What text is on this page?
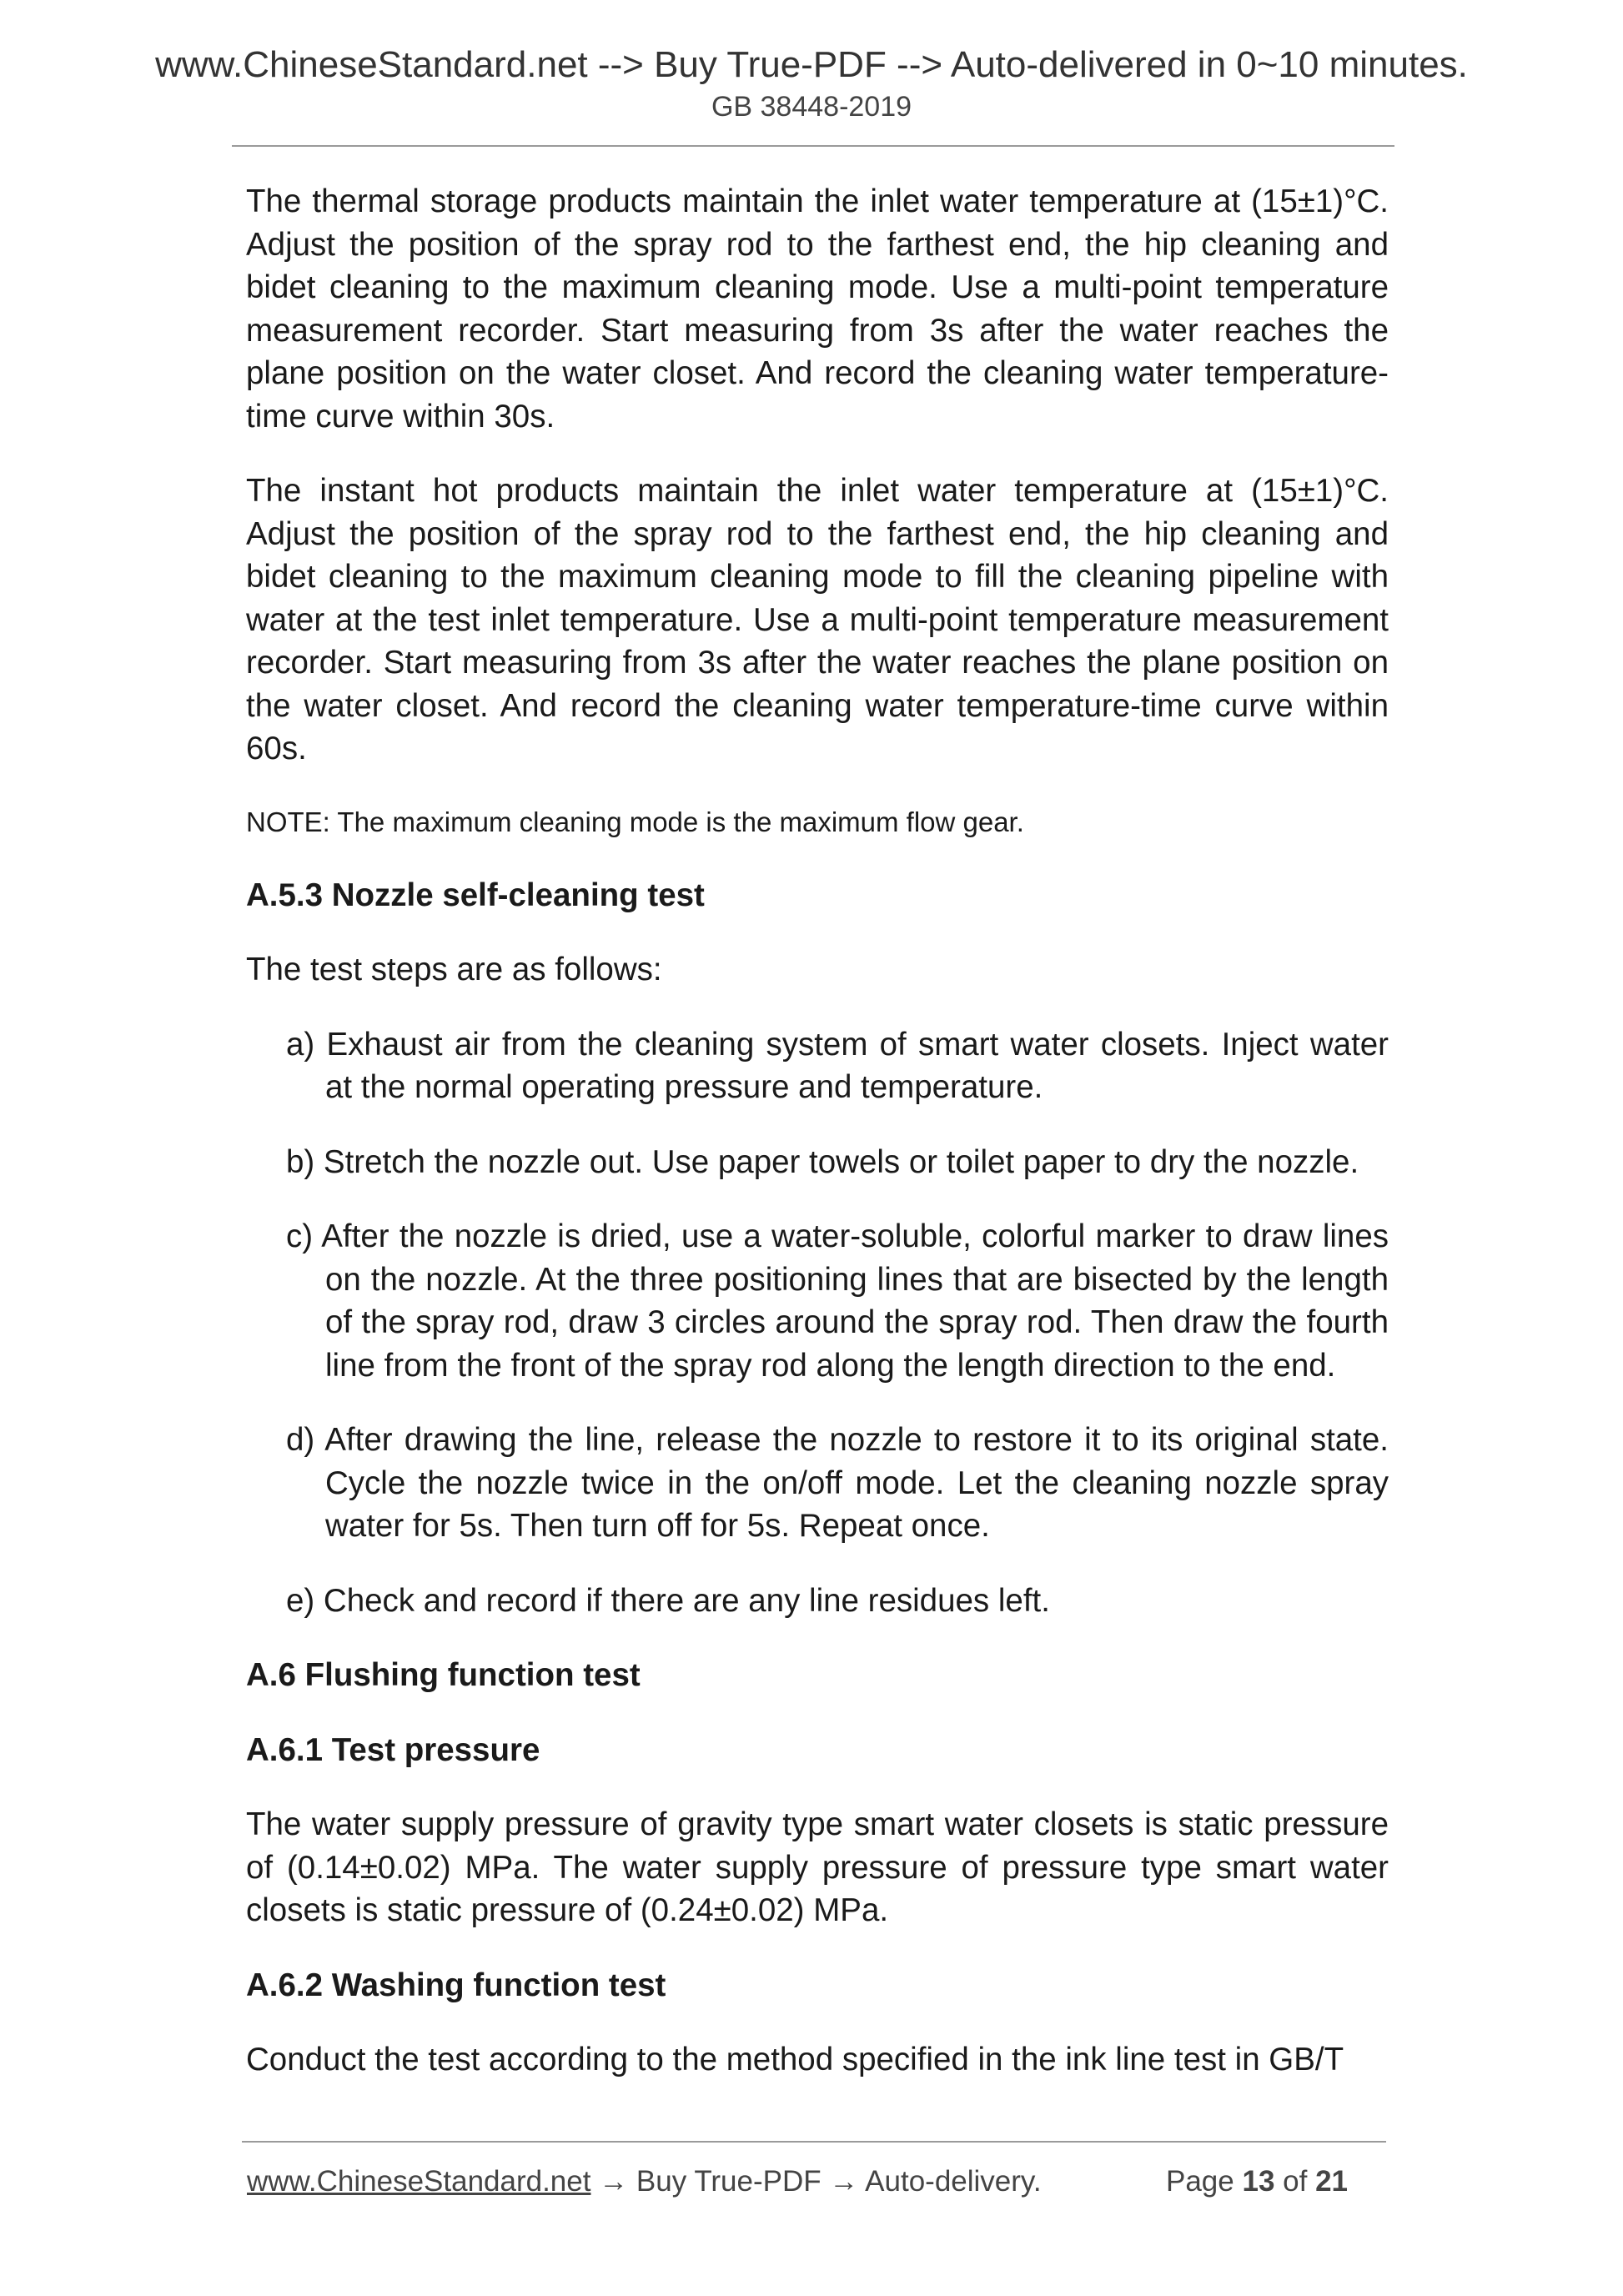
www.ChineseStandard.net --> Buy True-PDF --> Auto-delivered in 0~10 minutes.
GB 38448-2019

The thermal storage products maintain the inlet water temperature at (15±1)°C. Adjust the position of the spray rod to the farthest end, the hip cleaning and bidet cleaning to the maximum cleaning mode. Use a multi-point temperature measurement recorder. Start measuring from 3s after the water reaches the plane position on the water closet. And record the cleaning water temperature-time curve within 30s.

The instant hot products maintain the inlet water temperature at (15±1)°C. Adjust the position of the spray rod to the farthest end, the hip cleaning and bidet cleaning to the maximum cleaning mode to fill the cleaning pipeline with water at the test inlet temperature. Use a multi-point temperature measurement recorder. Start measuring from 3s after the water reaches the plane position on the water closet. And record the cleaning water temperature-time curve within 60s.

NOTE: The maximum cleaning mode is the maximum flow gear.

A.5.3 Nozzle self-cleaning test

The test steps are as follows:

a) Exhaust air from the cleaning system of smart water closets. Inject water at the normal operating pressure and temperature.

b) Stretch the nozzle out. Use paper towels or toilet paper to dry the nozzle.

c) After the nozzle is dried, use a water-soluble, colorful marker to draw lines on the nozzle. At the three positioning lines that are bisected by the length of the spray rod, draw 3 circles around the spray rod. Then draw the fourth line from the front of the spray rod along the length direction to the end.

d) After drawing the line, release the nozzle to restore it to its original state. Cycle the nozzle twice in the on/off mode. Let the cleaning nozzle spray water for 5s. Then turn off for 5s. Repeat once.

e) Check and record if there are any line residues left.

A.6 Flushing function test

A.6.1 Test pressure

The water supply pressure of gravity type smart water closets is static pressure of (0.14±0.02) MPa. The water supply pressure of pressure type smart water closets is static pressure of (0.24±0.02) MPa.

A.6.2 Washing function test

Conduct the test according to the method specified in the ink line test in GB/T

www.ChineseStandard.net → Buy True-PDF → Auto-delivery.	Page 13 of 21
